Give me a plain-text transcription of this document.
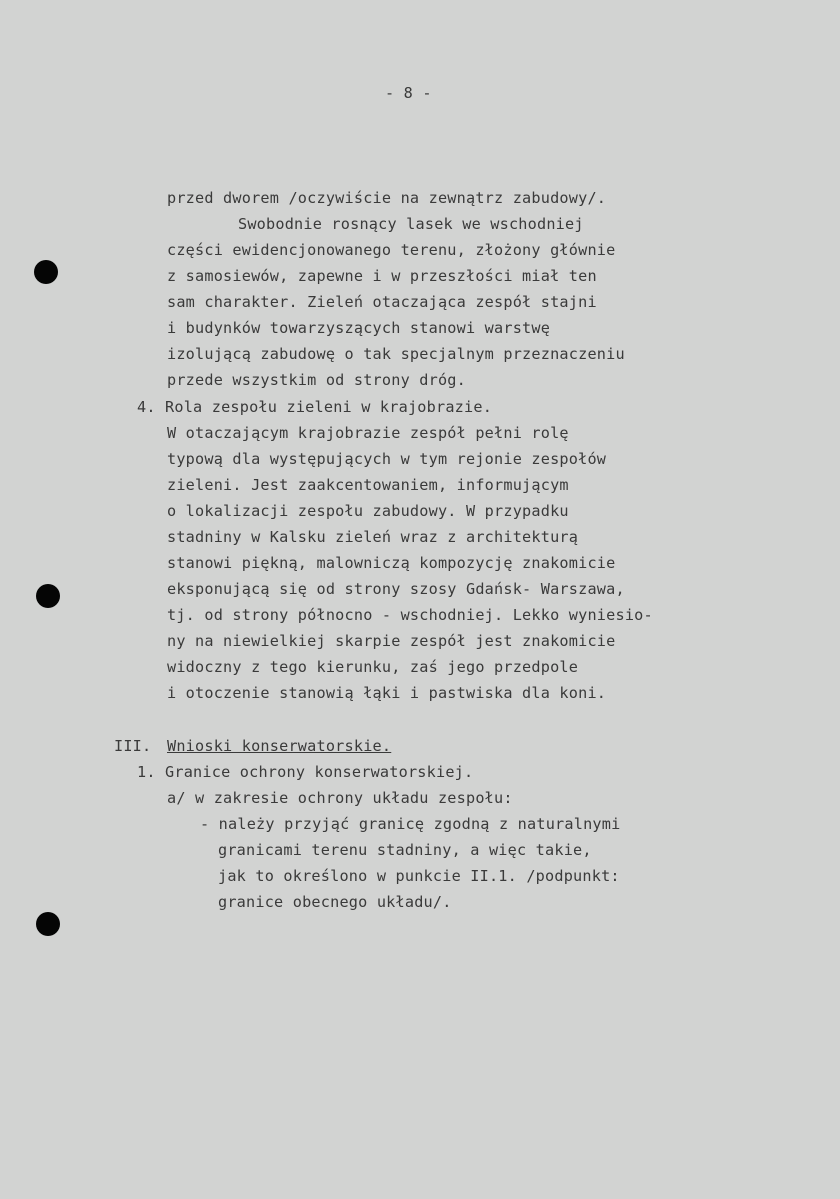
- 8 -
przed dworem /oczywiście na zewnątrz zabudowy/.
Swobodnie rosnący lasek we wschodniej
części ewidencjonowanego terenu, złożony głównie
z samosiewów, zapewne i w przeszłości miał ten
sam charakter. Zieleń otaczająca zespół stajni
i budynków towarzyszących stanowi warstwę
izolującą zabudowę o tak specjalnym przeznaczeniu
przede wszystkim od strony dróg.
4. Rola zespołu zieleni w krajobrazie.
W otaczającym krajobrazie zespół pełni rolę
typową dla występujących w tym rejonie zespołów
zieleni. Jest zaakcentowaniem, informującym
o lokalizacji zespołu zabudowy. W przypadku
stadniny w Kalsku zieleń wraz z architekturą
stanowi piękną, malowniczą kompozycję znakomicie
eksponującą się od strony szosy Gdańsk- Warszawa,
tj. od strony północno - wschodniej. Lekko wyniesio-
ny na niewielkiej skarpie zespół jest znakomicie
widoczny z tego kierunku, zaś jego przedpole
i otoczenie stanowią łąki i pastwiska dla koni.
III. Wnioski konserwatorskie.
1. Granice ochrony konserwatorskiej.
a/ w zakresie ochrony układu zespołu:
- należy przyjąć granicę zgodną z naturalnymi
granicami terenu stadniny, a więc takie,
jak to określono w punkcie II.1. /podpunkt:
granice obecnego układu/.
